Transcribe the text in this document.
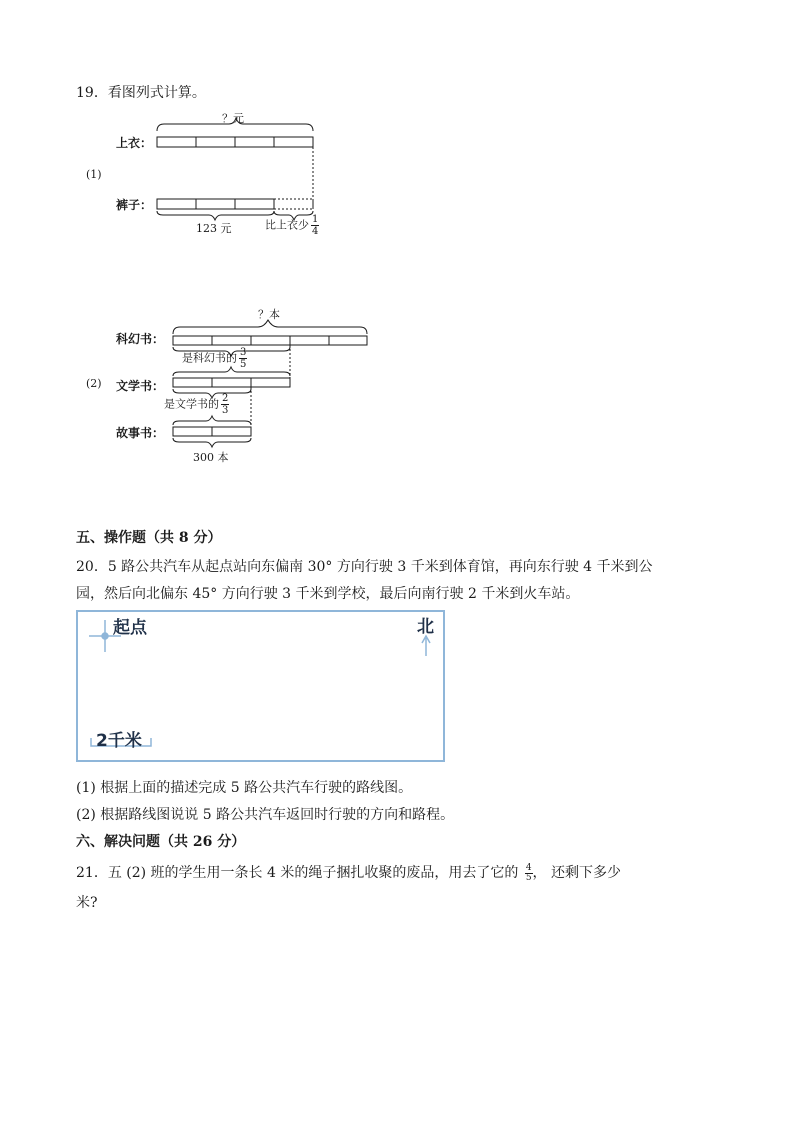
19．看图列式计算。
？元
上衣：
(1)
裤子：
123 元	比上衣少 $\frac{1}{4}$
？本
科幻书：
是科幻书的 $\frac{3}{5}$
(2) 文学书：
是文学书的 $\frac{2}{3}$
故事书：
300 本
五、操作题（共 8 分）
20．5 路公共汽车从起点站向东偏南 30° 方向行驶 3 千米到体育馆，再向东行驶 4 千米到公
园，然后向北偏东 45° 方向行驶 3 千米到学校，最后向南行驶 2 千米到火车站。
起点	北
2千米
(1) 根据上面的描述完成 5 路公共汽车行驶的路线图。
(2) 根据路线图说说 5 路公共汽车返回时行驶的方向和路程。
六、解决问题（共 26 分）
21．五 (2) 班的学生用一条长 4 米的绳子捆扎收聚的废品，用去了它的 $\frac{4}{5}$ ， 还剩下多少
米?
